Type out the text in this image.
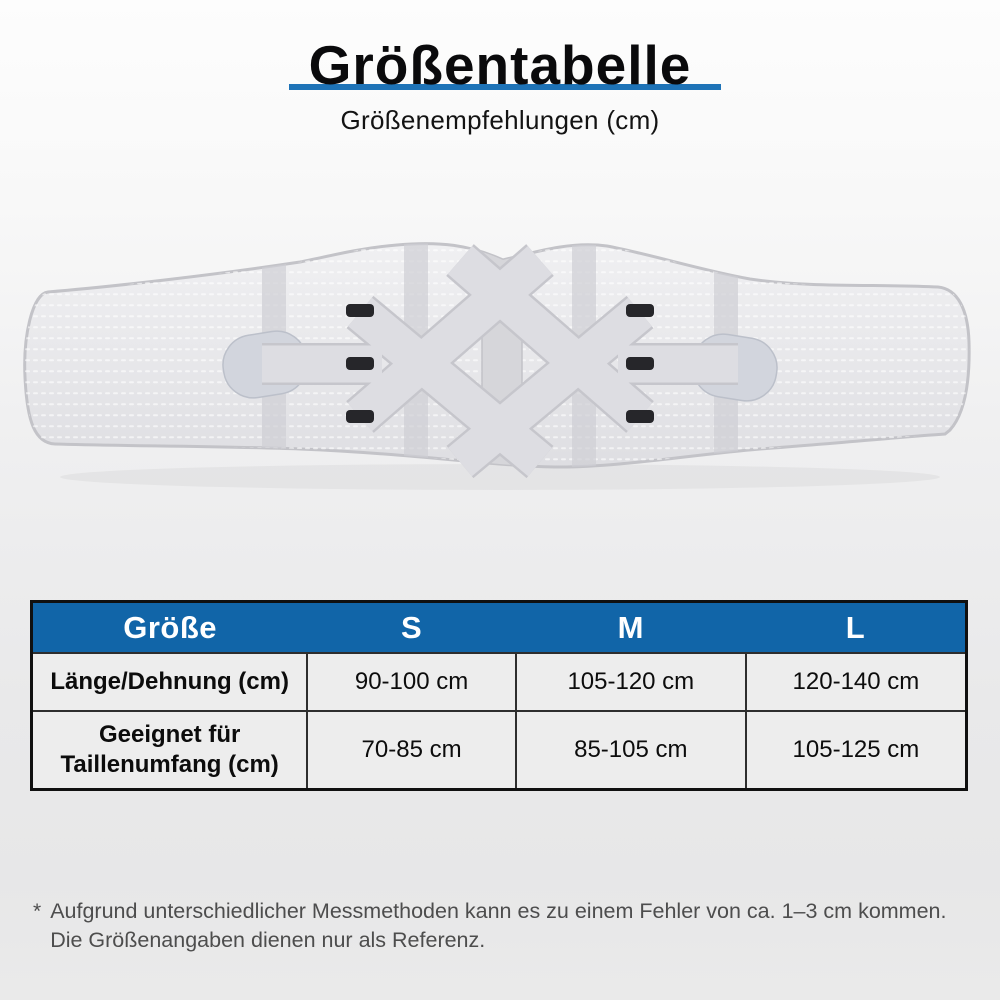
Größentabelle
Größenempfehlungen (cm)
Größe	S	M	L
Länge/Dehnung (cm)	90-100 cm	105-120 cm	120-140 cm
Geeignet für Taillenumfang (cm)	70-85 cm	85-105 cm	105-125 cm
* Aufgrund unterschiedlicher Messmethoden kann es zu einem Fehler von ca. 1–3 cm kommen.
Die Größenangaben dienen nur als Referenz.
